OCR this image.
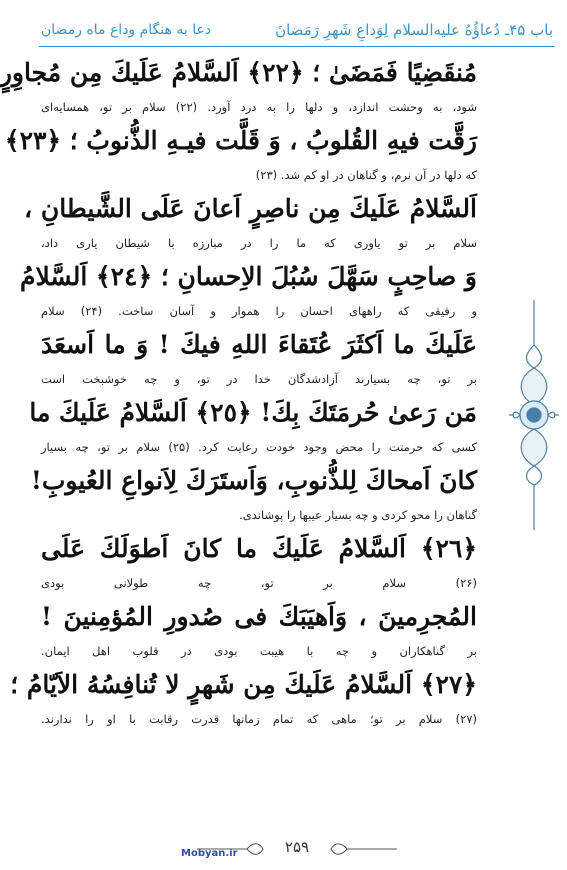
باب ۴۵ـ دُعاؤُهُ عليه‌السلام لِوَداعِ شَهرِ رَمَضانَ
دعا به هنگام وداع ماه رمضان
مُنقَضِيًا فَمَضَىٰ ؛ ﴿٢٢﴾ اَلسَّلامُ عَلَيكَ مِن مُجاوِرٍ
شود، به وحشت اندازد، و دلها را به درد آورد. (۲۲) سلام بر تو، همسایه‌ای
رَقَّت فيهِ القُلوبُ ، وَ قَلَّت فيـهِ الذُّنوبُ ؛ ﴿٢٣﴾
که دلها در آن نرم، و گناهان در او کم شد. (۲۳)
اَلسَّلامُ عَلَيكَ مِن ناصِرٍ اَعانَ عَلَى الشَّيطانِ ،
سلام بر تو یاوری که ما را در مبارزه با شیطان یاری داد،
وَ صاحِبٍ سَهَّلَ سُبُلَ الاِحسانِ ؛ ﴿٢٤﴾ اَلسَّلامُ
و رفیقی که راههای احسان را هموار و آسان ساخت. (۲۴) سلام
عَلَيكَ ما اَكثَرَ عُتَقاءَ اللهِ فيكَ ! وَ ما اَسعَدَ
بر تو، چه بسیارند آزادشدگان خدا در تو، و چه خوشبخت است
مَن رَعىٰ حُرمَتَكَ بِكَ! ﴿٢٥﴾ اَلسَّلامُ عَلَيكَ ما
کسی که حرمتت را محض وجود خودت رعایت کرد. (۲۵) سلام بر تو، چه بسیار
كانَ اَمحاكَ لِلذُّنوبِ، وَاَستَرَكَ لِاَنواعِ العُيوبِ!
گناهان را محو کردی و چه بسیار عیبها را پوشاندی.
﴿٢٦﴾ اَلسَّلامُ عَلَيكَ ما كانَ اَطوَلَكَ عَلَى
(۲۶) سلام بر تو، چه طولانی بودی
المُجرِمينَ ، وَاَهيَبَكَ فى صُدورِ المُؤمِنينَ !
بر گناهکاران و چه با هیبت بودی در قلوب اهل ایمان.
﴿٢٧﴾ اَلسَّلامُ عَلَيكَ مِن شَهرٍ لا تُنافِسُهُ الاَيّامُ ؛
(۲۷) سلام بر تو؛ ماهی که تمام زمانها قدرت رقابت با او را ندارند.
۲۵۹
Mobyan.ir
